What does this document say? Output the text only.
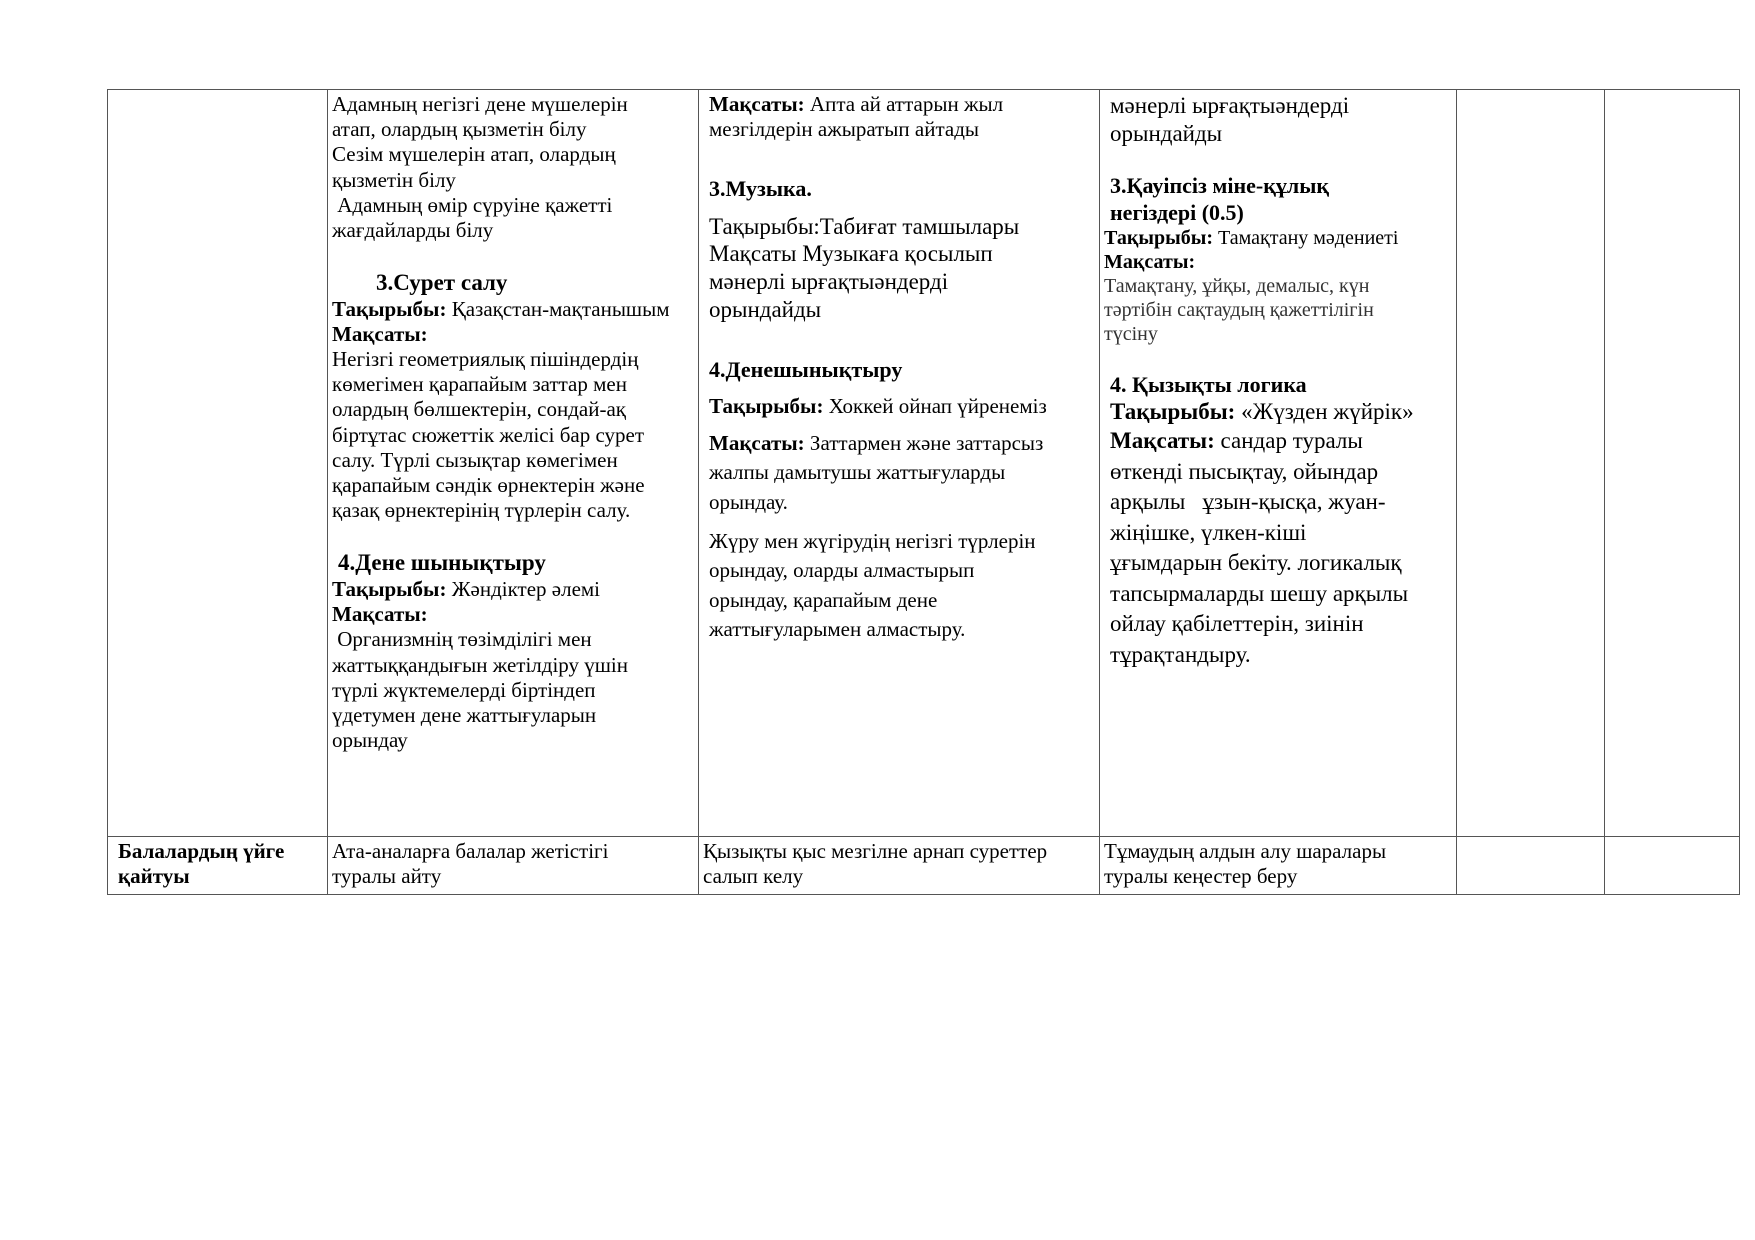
Адамның негізгі дене мүшелерін

атап, олардың қызметін білу

Сезім мүшелерін атап, олардың

қызметін білу

Адамның өмір сүруіне қажетті

жағдайларды білу

3.Сурет салу

Тақырыбы: Қазақстан-мақтанышым

Мақсаты:

Негізгі геометриялық пішіндердің

көмегімен қарапайым заттар мен

олардың бөлшектерін, сондай-ақ

біртұтас сюжеттік желісі бар сурет

салу. Түрлі сызықтар көмегімен

қарапайым сәндік өрнектерін және

қазақ өрнектерінің түрлерін салу.

4.Дене шынықтыру

Тақырыбы: Жәндіктер әлемі

Мақсаты:

Организмнің төзімділігі мен

жаттыққандығын жетілдіру үшін

түрлі жүктемелерді біртіндеп

үдетумен дене жаттығуларын

орындау

Мақсаты: Апта ай аттарын жыл

мезгілдерін ажыратып айтады

3.Музыка.

Тақырыбы:Табиғат тамшылары

Мақсаты Музыкаға қосылып

мәнерлі ырғақтыәндерді

орындайды

4.Денешынықтыру

Тақырыбы: Хоккей ойнап үйренеміз

Мақсаты: Заттармен және заттарсыз

жалпы дамытушы жаттығуларды

орындау.

Жүру мен жүгірудің негізгі түрлерін

орындау, оларды алмастырып

орындау, қарапайым дене

жаттығуларымен алмастыру.

мәнерлі ырғақтыәндерді

орындайды

3.Қауіпсіз міне-құлық

негіздері (0.5)

Тақырыбы: Тамақтану мәдениеті

Мақсаты:

Тамақтану, ұйқы, демалыс, күн

тәртібін сақтаудың қажеттілігін

түсіну

4. Қызықты логика

Тақырыбы: «Жүзден жүйрік»

Мақсаты: сандар туралы

өткенді пысықтау, ойындар

арқылы   ұзын-қысқа, жуан-

жіңішке, үлкен-кіші

ұғымдарын бекіту. логикалық

тапсырмаларды шешу арқылы

ойлау қабілеттерін, зиінін

тұрақтандыру.

Балалардың үйге

қайтуы

Ата-аналарға балалар жетістігі

туралы айту

Қызықты қыс мезгілне арнап суреттер

салып келу

Тұмаудың алдын алу шаралары

туралы кеңестер беру
